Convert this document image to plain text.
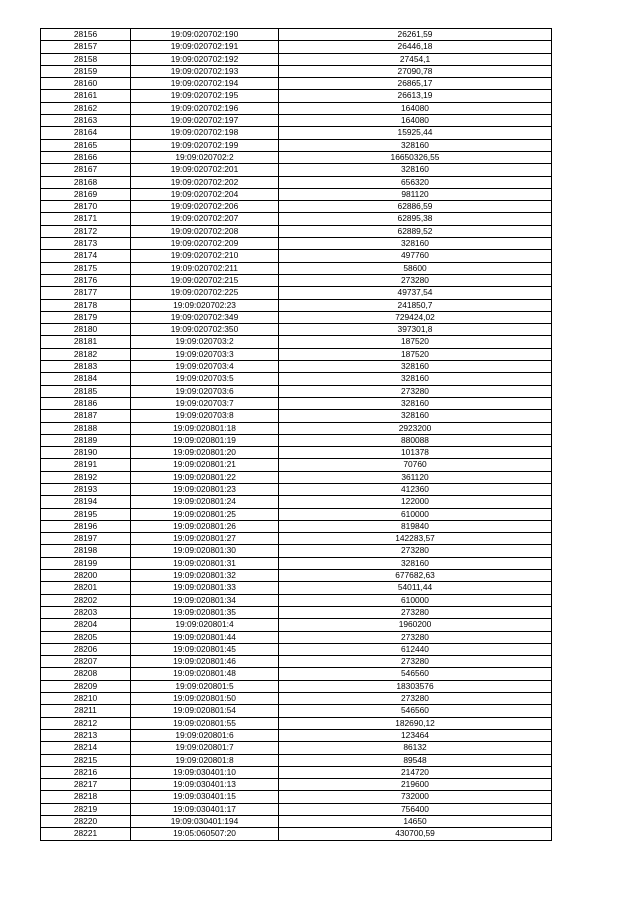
28156	19:09:020702:190	26261,59
28157	19:09:020702:191	26446,18
28158	19:09:020702:192	27454,1
28159	19:09:020702:193	27090,78
28160	19:09:020702:194	26865,17
28161	19:09:020702:195	26613,19
28162	19:09:020702:196	164080
28163	19:09:020702:197	164080
28164	19:09:020702:198	15925,44
28165	19:09:020702:199	328160
28166	19:09:020702:2	16650326,55
28167	19:09:020702:201	328160
28168	19:09:020702:202	656320
28169	19:09:020702:204	981120
28170	19:09:020702:206	62886,59
28171	19:09:020702:207	62895,38
28172	19:09:020702:208	62889,52
28173	19:09:020702:209	328160
28174	19:09:020702:210	497760
28175	19:09:020702:211	58600
28176	19:09:020702:215	273280
28177	19:09:020702:225	49737,54
28178	19:09:020702:23	241850,7
28179	19:09:020702:349	729424,02
28180	19:09:020702:350	397301,8
28181	19:09:020703:2	187520
28182	19:09:020703:3	187520
28183	19:09:020703:4	328160
28184	19:09:020703:5	328160
28185	19:09:020703:6	273280
28186	19:09:020703:7	328160
28187	19:09:020703:8	328160
28188	19:09:020801:18	2923200
28189	19:09:020801:19	880088
28190	19:09:020801:20	101378
28191	19:09:020801:21	70760
28192	19:09:020801:22	361120
28193	19:09:020801:23	412360
28194	19:09:020801:24	122000
28195	19:09:020801:25	610000
28196	19:09:020801:26	819840
28197	19:09:020801:27	142283,57
28198	19:09:020801:30	273280
28199	19:09:020801:31	328160
28200	19:09:020801:32	677682,63
28201	19:09:020801:33	54011,44
28202	19:09:020801:34	610000
28203	19:09:020801:35	273280
28204	19:09:020801:4	1960200
28205	19:09:020801:44	273280
28206	19:09:020801:45	612440
28207	19:09:020801:46	273280
28208	19:09:020801:48	546560
28209	19:09:020801:5	18303576
28210	19:09:020801:50	273280
28211	19:09:020801:54	546560
28212	19:09:020801:55	182690,12
28213	19:09:020801:6	123464
28214	19:09:020801:7	86132
28215	19:09:020801:8	89548
28216	19:09:030401:10	214720
28217	19:09:030401:13	219600
28218	19:09:030401:15	732000
28219	19:09:030401:17	756400
28220	19:09:030401:194	14650
28221	19:05:060507:20	430700,59
